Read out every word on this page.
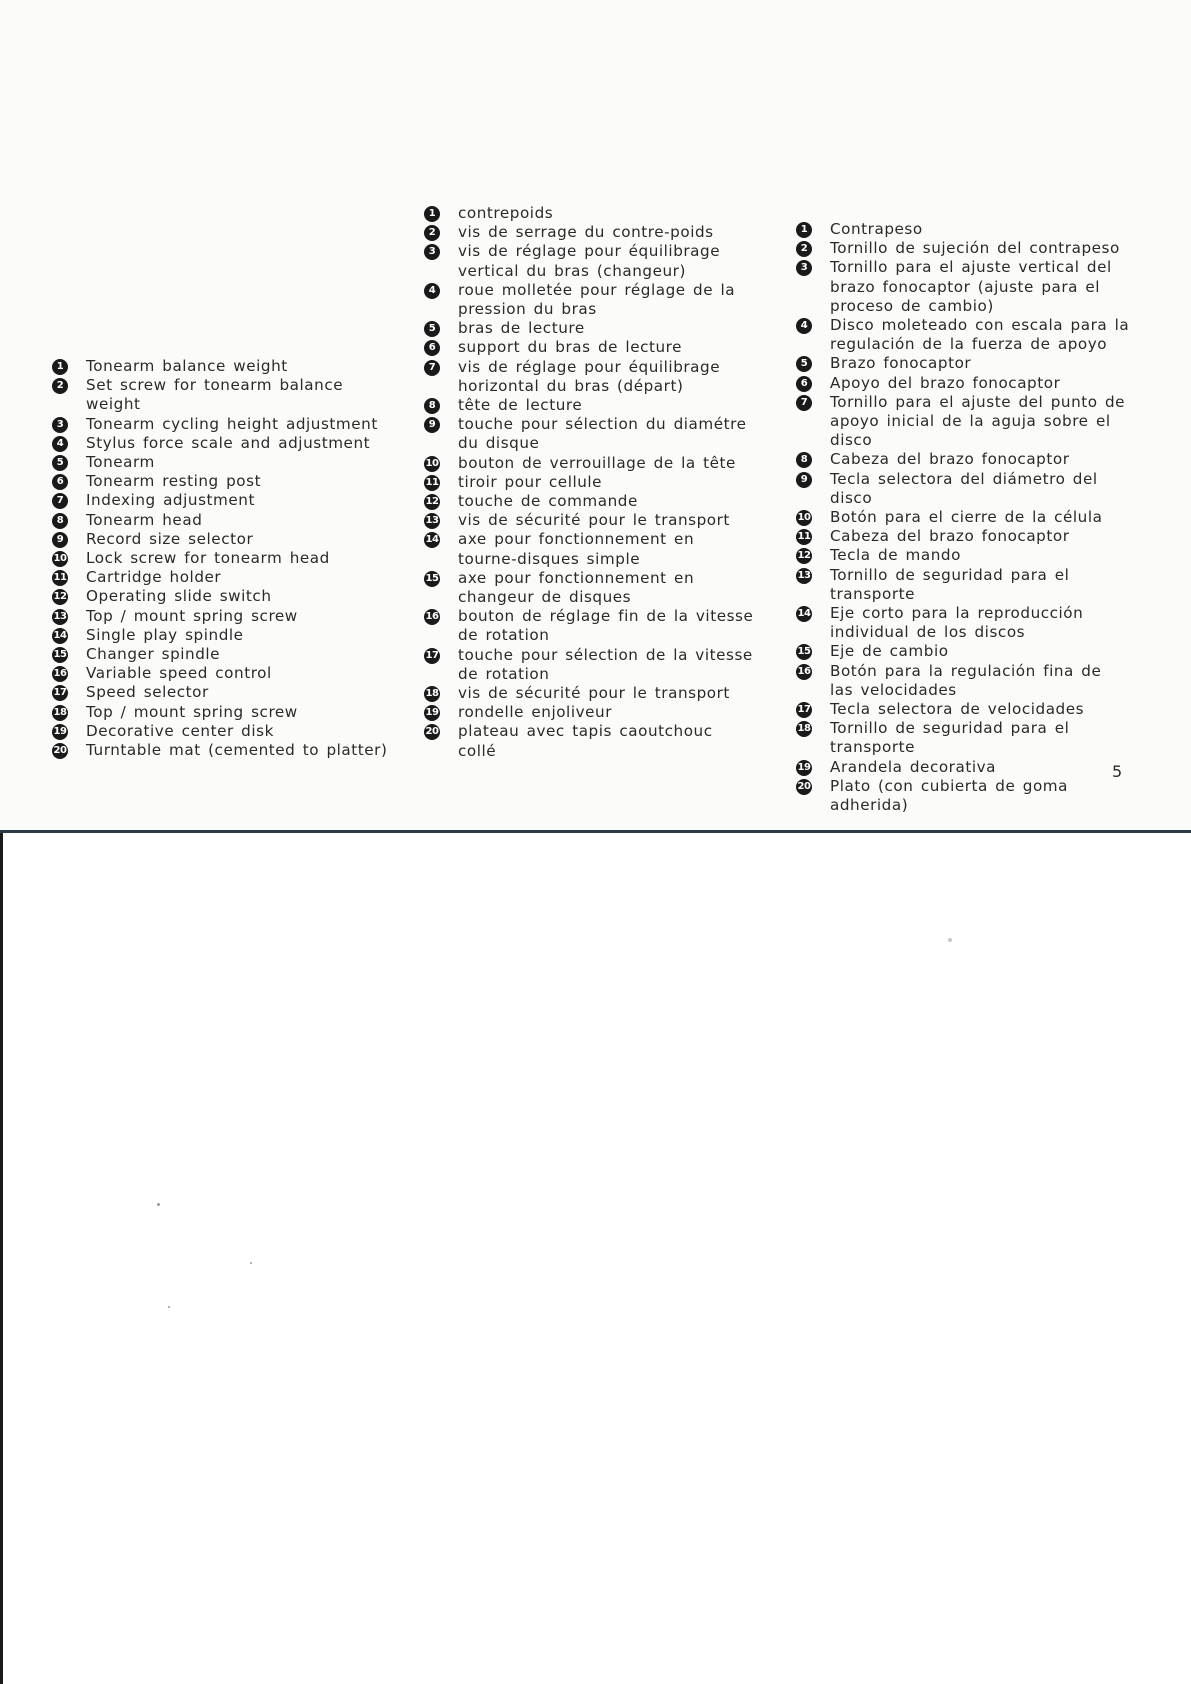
1	Tonearm balance weight
2	Set screw for tonearm balance weight
3	Tonearm cycling height adjustment
4	Stylus force scale and adjustment
5	Tonearm
6	Tonearm resting post
7	Indexing adjustment
8	Tonearm head
9	Record size selector
10 Lock screw for tonearm head
11 Cartridge holder
12 Operating slide switch
13 Top / mount spring screw
14 Single play spindle
15 Changer spindle
16 Variable speed control
17 Speed selector
18 Top / mount spring screw
19 Decorative center disk
20 Turntable mat (cemented to platter)
1	contrepoids
2	vis de serrage du contre-poids
3	vis de réglage pour équilibrage vertical du bras (changeur)
4	roue molletée pour réglage de la pression du bras
5	bras de lecture
6	support du bras de lecture
7	vis de réglage pour équilibrage horizontal du bras (départ)
8	tête de lecture
9	touche pour sélection du diamétre du disque
10 bouton de verrouillage de la tête
11 tiroir pour cellule
12 touche de commande
13 vis de sécurité pour le transport
14 axe pour fonctionnement en tourne-disques simple
15 axe pour fonctionnement en changeur de disques
16 bouton de réglage fin de la vitesse de rotation
17 touche pour sélection de la vitesse de rotation
18 vis de sécurité pour le transport
19 rondelle enjoliveur
20 plateau avec tapis caoutchouc collé
1	Contrapeso
2	Tornillo de sujeción del contrapeso
3	Tornillo para el ajuste vertical del brazo fonocaptor (ajuste para el proceso de cambio)
4	Disco moleteado con escala para la regulación de la fuerza de apoyo
5	Brazo fonocaptor
6	Apoyo del brazo fonocaptor
7	Tornillo para el ajuste del punto de apoyo inicial de la aguja sobre el disco
8	Cabeza del brazo fonocaptor
9	Tecla selectora del diámetro del disco
10 Botón para el cierre de la célula
11 Cabeza del brazo fonocaptor
12 Tecla de mando
13 Tornillo de seguridad para el transporte
14 Eje corto para la reproducción individual de los discos
15 Eje de cambio
16 Botón para la regulación fina de las velocidades
17 Tecla selectora de velocidades
18 Tornillo de seguridad para el transporte
19 Arandela decorativa
20 Plato (con cubierta de goma adherida)
5
